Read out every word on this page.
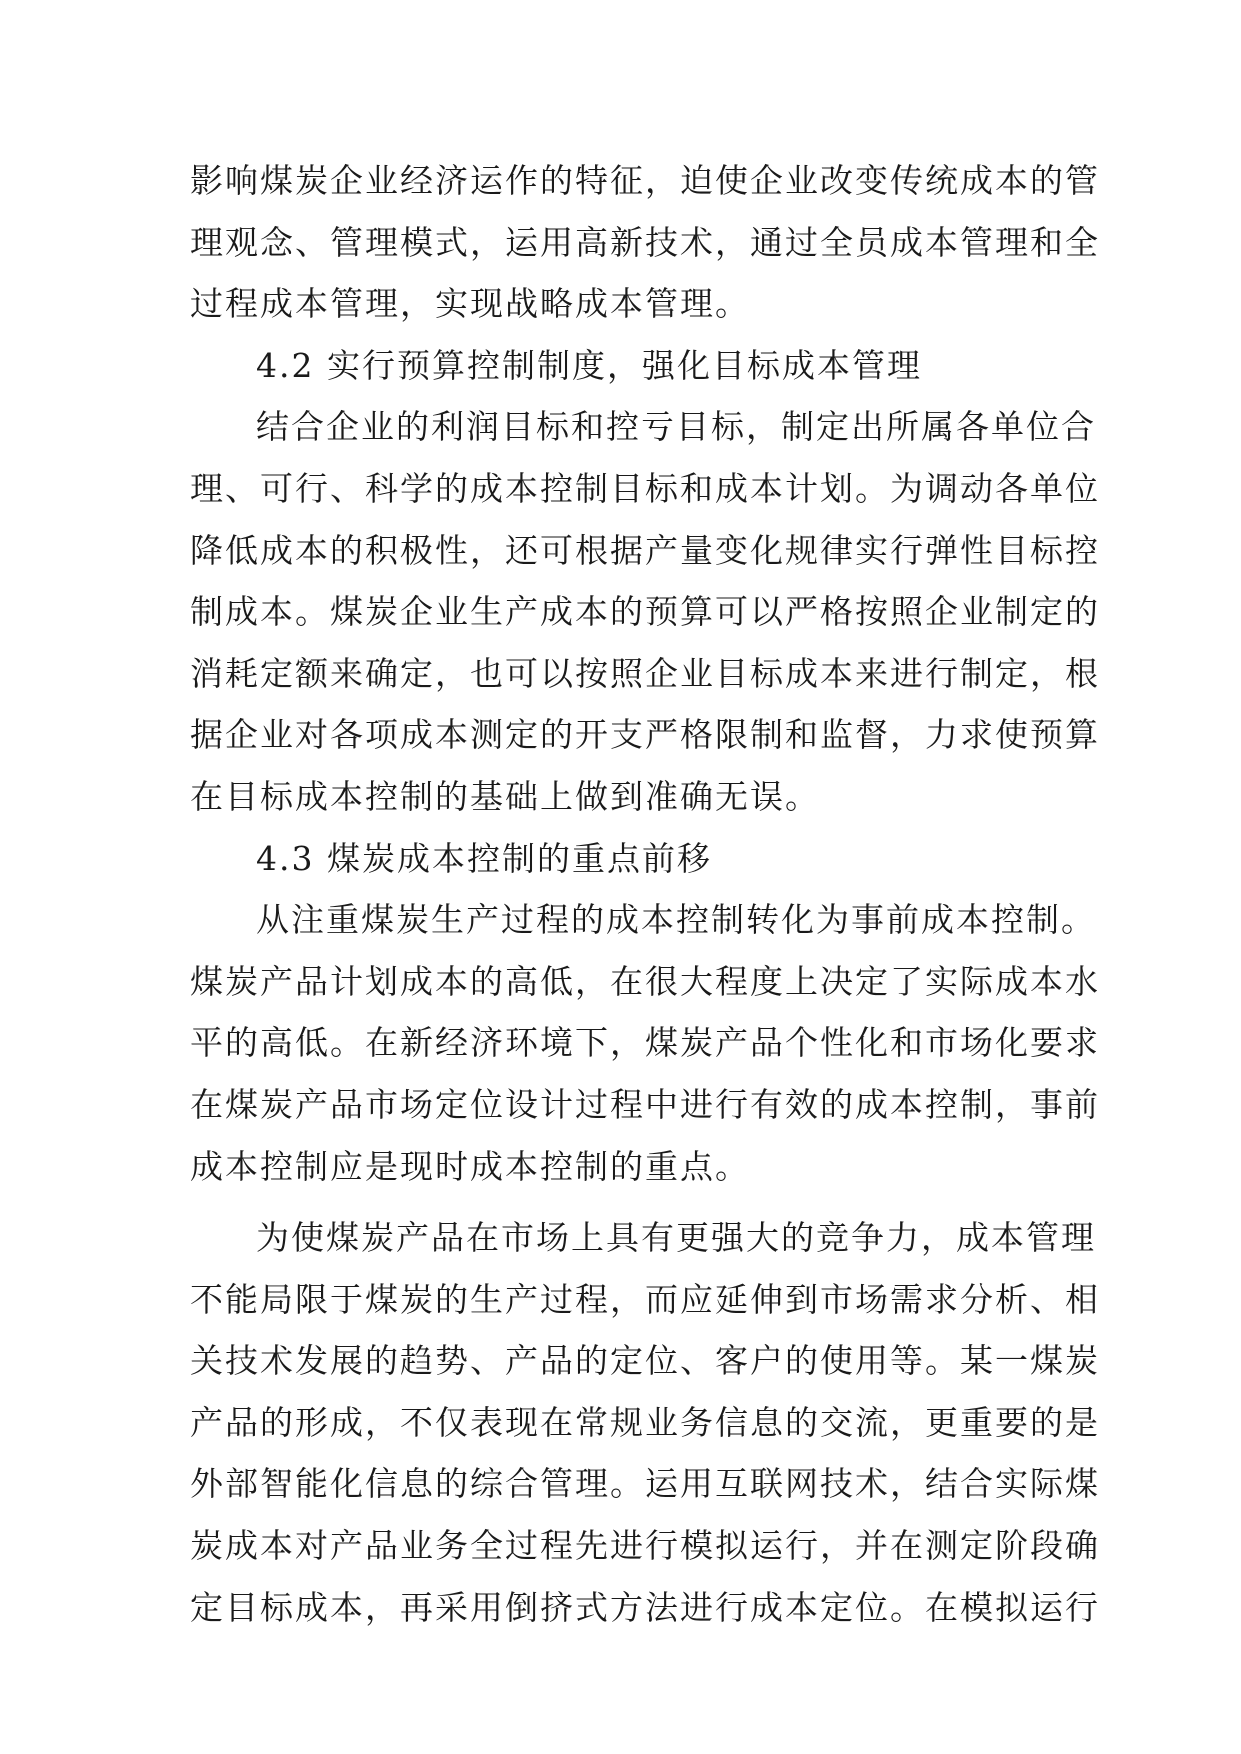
影响煤炭企业经济运作的特征，迫使企业改变传统成本的管
理观念、管理模式，运用高新技术，通过全员成本管理和全
过程成本管理，实现战略成本管理。
4.2 实行预算控制制度，强化目标成本管理
结合企业的利润目标和控亏目标，制定出所属各单位合
理、可行、科学的成本控制目标和成本计划。为调动各单位
降低成本的积极性，还可根据产量变化规律实行弹性目标控
制成本。煤炭企业生产成本的预算可以严格按照企业制定的
消耗定额来确定，也可以按照企业目标成本来进行制定，根
据企业对各项成本测定的开支严格限制和监督，力求使预算
在目标成本控制的基础上做到准确无误。
4.3 煤炭成本控制的重点前移
从注重煤炭生产过程的成本控制转化为事前成本控制。
煤炭产品计划成本的高低，在很大程度上决定了实际成本水
平的高低。在新经济环境下，煤炭产品个性化和市场化要求
在煤炭产品市场定位设计过程中进行有效的成本控制，事前
成本控制应是现时成本控制的重点。
为使煤炭产品在市场上具有更强大的竞争力，成本管理
不能局限于煤炭的生产过程，而应延伸到市场需求分析、相
关技术发展的趋势、产品的定位、客户的使用等。某一煤炭
产品的形成，不仅表现在常规业务信息的交流，更重要的是
外部智能化信息的综合管理。运用互联网技术，结合实际煤
炭成本对产品业务全过程先进行模拟运行，并在测定阶段确
定目标成本，再采用倒挤式方法进行成本定位。在模拟运行
